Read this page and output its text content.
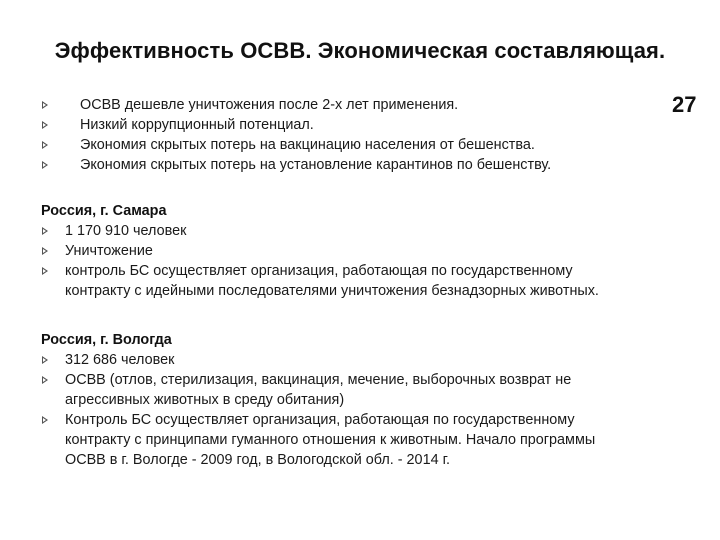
Эффективность ОСВВ. Экономическая составляющая.
27
ОСВВ дешевле уничтожения после 2-х лет применения.
Низкий коррупционный потенциал.
Экономия скрытых потерь на вакцинацию населения от бешенства.
Экономия скрытых потерь на установление карантинов по бешенству.
Россия, г. Самара
1 170 910 человек
Уничтожение
контроль БС осуществляет организация, работающая по государственному
контракту с идейными последователями уничтожения безнадзорных животных.
Россия, г. Вологда
312 686 человек
ОСВВ (отлов, стерилизация, вакцинация, мечение, выборочных возврат не
агрессивных животных в среду обитания)
Контроль БС осуществляет организация, работающая по государственному
контракту с принципами гуманного отношения к животным. Начало программы
ОСВВ в г. Вологде - 2009 год, в Вологодской обл. - 2014 г.
